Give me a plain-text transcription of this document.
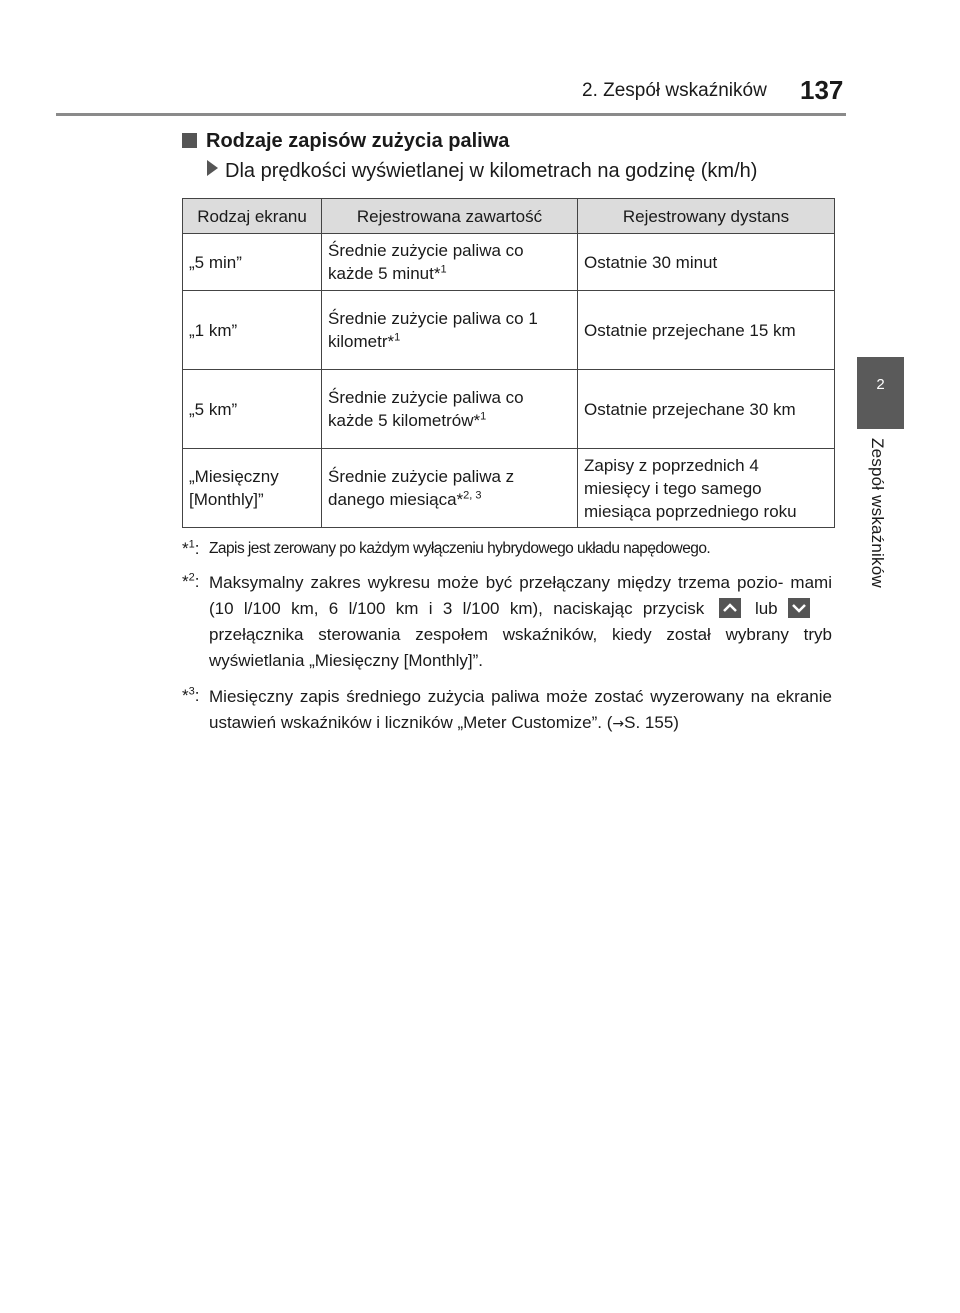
2. Zespół wskaźników 137
2
Zespół wskaźników
Rodzaje zapisów zużycia paliwa
Dla prędkości wyświetlanej w kilometrach na godzinę (km/h)
Rodzaj ekranu	Rejestrowana zawartość	Rejestrowany dystans
„5 min”	Średnie zużycie paliwa co każde 5 minut*$^1$	Ostatnie 30 minut
„1 km”	Średnie zużycie paliwa co 1 kilometr*$^1$	Ostatnie przejechane 15 km
„5 km”	Średnie zużycie paliwa co każde 5 kilometrów*$^1$	Ostatnie przejechane 30 km
„Miesięczny [Monthly]”	Średnie zużycie paliwa z danego miesiąca*$^{2, 3}$	Zapisy z poprzednich 4 miesięcy i tego samego miesiąca poprzedniego roku
*$^1$: Zapis jest zerowany po każdym wyłączeniu hybrydowego układu napędowego.
*$^2$: Maksymalny zakres wykresu może być przełączany między trzema pozio- mami (10 l/100 km, 6 l/100 km i 3 l/100 km), naciskając przycisk	lub
przełącznika sterowania zespołem wskaźników, kiedy został wybrany tryb wyświetlania „Miesięczny [Monthly]”.
*$^3$: Miesięczny zapis średniego zużycia paliwa może zostać wyzerowany na ekranie ustawień wskaźników i liczników „Meter Customize”. (→S. 155)
